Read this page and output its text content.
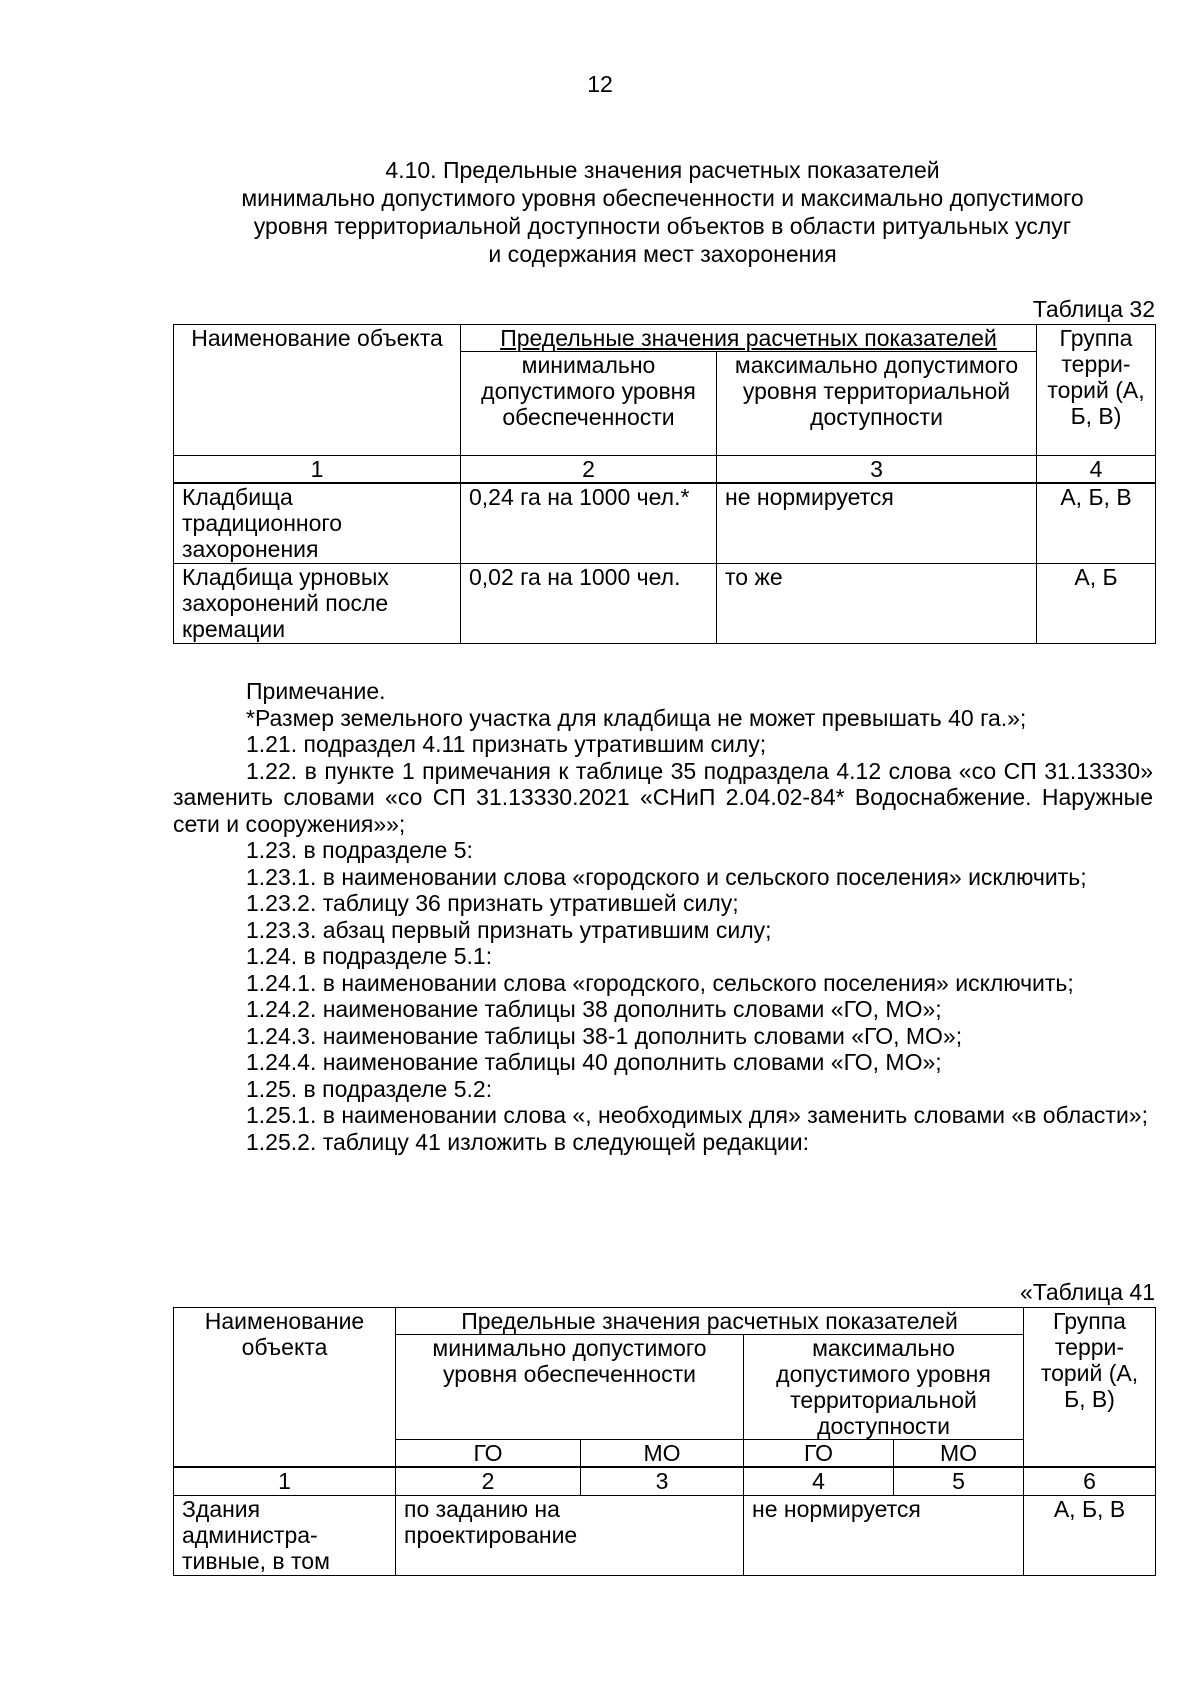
12
4.10. Предельные значения расчетных показателей
минимально допустимого уровня обеспеченности и максимально допустимого
уровня территориальной доступности объектов в области ритуальных услуг
и содержания мест захоронения
Таблица 32
Наименование объекта	Предельные значения расчетных показателей		Группа терри-торий (А, Б, В)
	минимально допустимого уровня обеспеченности	максимально допустимого уровня территориальной доступности	
1	2	3	4
Кладбища традиционного захоронения	0,24 га на 1000 чел.*	не нормируется	А, Б, В
Кладбища урновых захоронений после кремации	0,02 га на 1000 чел.	то же	А, Б

Примечание.

*Размер земельного участка для кладбища не может превышать 40 га.»;

1.21. подраздел 4.11 признать утратившим силу;

1.22. в пункте 1 примечания к таблице 35 подраздела 4.12 слова «со СП 31.13330» заменить словами «со СП 31.13330.2021 «СНиП 2.04.02-84* Водоснабжение. Наружные сети и сооружения»»;

1.23. в подразделе 5:

1.23.1. в наименовании слова «городского и сельского поселения» исключить;

1.23.2. таблицу 36 признать утратившей силу;

1.23.3. абзац первый признать утратившим силу;

1.24. в подразделе 5.1:

1.24.1. в наименовании слова «городского, сельского поселения» исключить;

1.24.2. наименование таблицы 38 дополнить словами «ГО, МО»;

1.24.3. наименование таблицы 38-1 дополнить словами «ГО, МО»;

1.24.4. наименование таблицы 40 дополнить словами «ГО, МО»;

1.25. в подразделе 5.2:

1.25.1. в наименовании слова «, необходимых для» заменить словами «в области»;

1.25.2. таблицу 41 изложить в следующей редакции:

«Таблица 41
Наименование объекта	Предельные значения расчетных показателей				Группа терри-торий (А, Б, В)
	минимально допустимого уровня обеспеченности		максимально допустимого уровня территориальной доступности		
	ГО	МО	ГО	МО	
1	2	3	4	5	6
Здания администра-тивные, в том	по заданию на проектирование		не нормируется		А, Б, В
